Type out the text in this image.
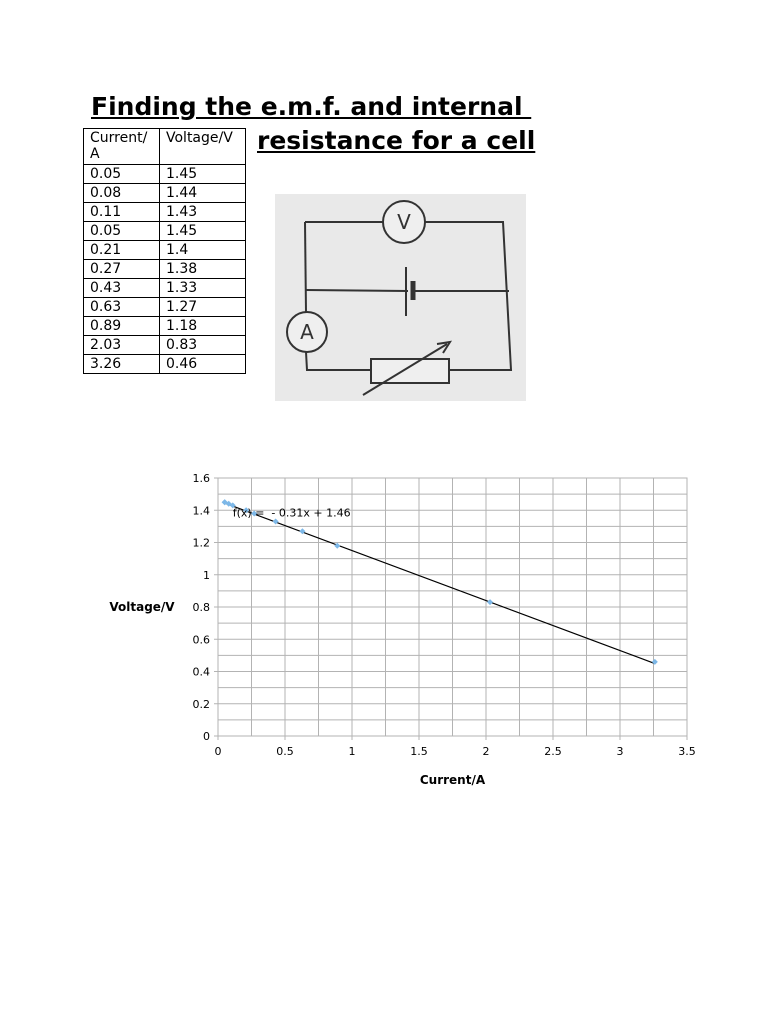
Finding the e.m.f. and internal
resistance for a cell
Current/ A	Voltage/V
0.05	1.45
0.08	1.44
0.11	1.43
0.05	1.45
0.21	1.4
0.27	1.38
0.43	1.33
0.63	1.27
0.89	1.18
2.03	0.83
3.26	0.46
V
A
0	0.5	1	1.5	2	2.5	3	3.5
0
0.2
0.4
0.6
0.8
1
1.2
1.4
1.6
f(x) =  - 0.31x + 1.46
Current/A
Voltage/V
